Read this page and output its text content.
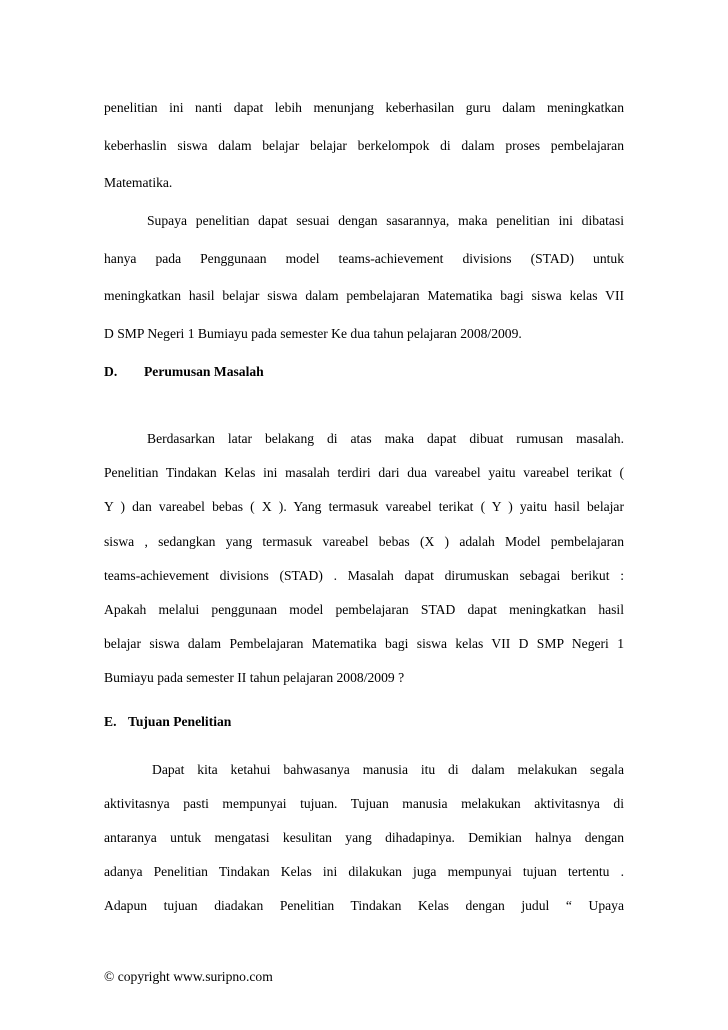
penelitian ini nanti dapat lebih menunjang keberhasilan guru dalam meningkatkan
keberhaslin siswa dalam belajar belajar berkelompok di dalam proses pembelajaran
Matematika.
Supaya penelitian dapat sesuai dengan sasarannya, maka penelitian ini dibatasi
hanya pada Penggunaan model teams-achievement divisions (STAD) untuk
meningkatkan hasil belajar siswa dalam pembelajaran Matematika bagi siswa kelas VII
D SMP Negeri 1 Bumiayu pada semester Ke dua tahun pelajaran 2008/2009.
D. Perumusan Masalah
Berdasarkan latar belakang di atas maka dapat dibuat rumusan masalah.
Penelitian Tindakan Kelas ini masalah terdiri dari dua vareabel yaitu vareabel terikat (
Y ) dan vareabel bebas ( X ). Yang termasuk vareabel terikat ( Y ) yaitu hasil belajar
siswa , sedangkan yang termasuk vareabel bebas (X ) adalah Model pembelajaran
teams-achievement divisions (STAD) . Masalah dapat dirumuskan sebagai berikut :
Apakah melalui penggunaan model pembelajaran STAD dapat meningkatkan hasil
belajar siswa dalam Pembelajaran Matematika bagi siswa kelas VII D SMP Negeri 1
Bumiayu pada semester II tahun pelajaran 2008/2009 ?
E. Tujuan Penelitian
Dapat kita ketahui bahwasanya manusia itu di dalam melakukan segala
aktivitasnya pasti mempunyai tujuan. Tujuan manusia melakukan aktivitasnya di
antaranya untuk mengatasi kesulitan yang dihadapinya. Demikian halnya dengan
adanya Penelitian Tindakan Kelas ini dilakukan juga mempunyai tujuan tertentu .
Adapun tujuan diadakan Penelitian Tindakan Kelas dengan judul “ Upaya
© copyright www.suripno.com
